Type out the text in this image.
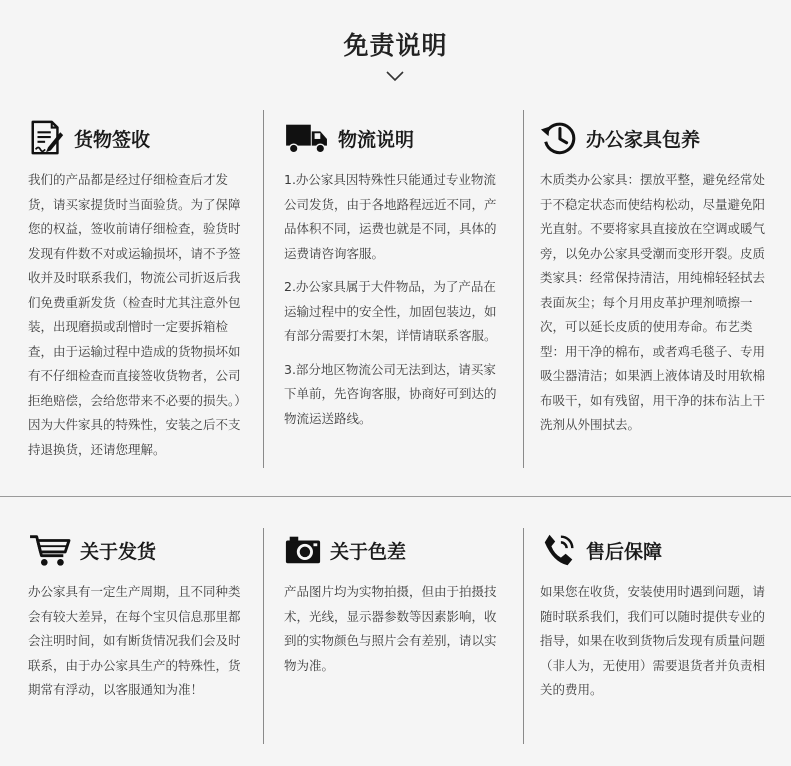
免责说明
货物签收

我们的产品都是经过仔细检查后才发货，请买家提货时当面验货。为了保障您的权益，签收前请仔细检查，验货时发现有件数不对或运输损坏，请不予签收并及时联系我们，物流公司折返后我们免费重新发货（检查时尤其注意外包装，出现磨损或刮憎时一定要拆箱检查，由于运输过程中造成的货物损坏如有不仔细检查而直接签收货物者，公司拒绝赔偿，会给您带来不必要的损失。）因为大件家具的特殊性，安装之后不支持退换货，还请您理解。

物流说明

1.办公家具因特殊性只能通过专业物流公司发货，由于各地路程远近不同，产品体积不同，运费也就是不同，具体的运费请咨询客服。

2.办公家具属于大件物品，为了产品在运输过程中的安全性，加固包装边，如有部分需要打木架，详情请联系客服。

3.部分地区物流公司无法到达，请买家下单前，先咨询客服，协商好可到达的物流运送路线。

办公家具包养

木质类办公家具：摆放平整，避免经常处于不稳定状态而使结构松动，尽量避免阳光直射。不要将家具直接放在空调或暖气旁，以免办公家具受潮而变形开裂。皮质类家具：经常保持清洁，用纯棉轻轻拭去表面灰尘；每个月用皮革护理剂喷擦一次，可以延长皮质的使用寿命。布艺类型：用干净的棉布，或者鸡毛毯子、专用吸尘器清洁；如果洒上液体请及时用软棉布吸干，如有残留，用干净的抹布沾上干洗剂从外围拭去。

关于发货

办公家具有一定生产周期，且不同种类会有较大差异，在每个宝贝信息那里都会注明时间，如有断货情况我们会及时联系，由于办公家具生产的特殊性，货期常有浮动，以客服通知为准！

关于色差

产品图片均为实物拍摄，但由于拍摄技术，光线，显示器参数等因素影响，收到的实物颜色与照片会有差别，请以实物为准。

售后保障

如果您在收货，安装使用时遇到问题，请随时联系我们，我们可以随时提供专业的指导，如果在收到货物后发现有质量问题（非人为，无使用）需要退货者并负责相关的费用。
